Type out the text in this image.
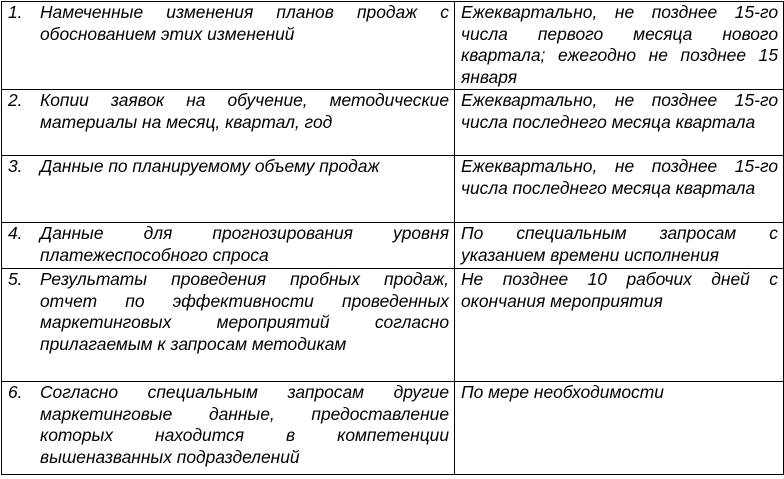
1. Намеченные изменения планов продаж с обоснованием этих изменений	Ежеквартально, не позднее 15-го числа первого месяца нового квартала; ежегодно не позднее 15 января

2. Копии заявок на обучение, методические материалы на месяц, квартал, год	Ежеквартально, не позднее 15-го числа последнего месяца квартала

3. Данные по планируемому объему продаж	Ежеквартально, не позднее 15-го числа последнего месяца квартала

4. Данные для прогнозирования уровня платежеспособного спроса	По специальным запросам с указанием времени исполнения

5. Результаты проведения пробных продаж, отчет по эффективности проведенных маркетинговых мероприятий согласно прилагаемым к запросам методикам	Не позднее 10 рабочих дней с окончания мероприятия

6. Согласно специальным запросам другие маркетинговые данные, предоставление которых находится в компетенции вышеназванных подразделений	По мере необходимости
